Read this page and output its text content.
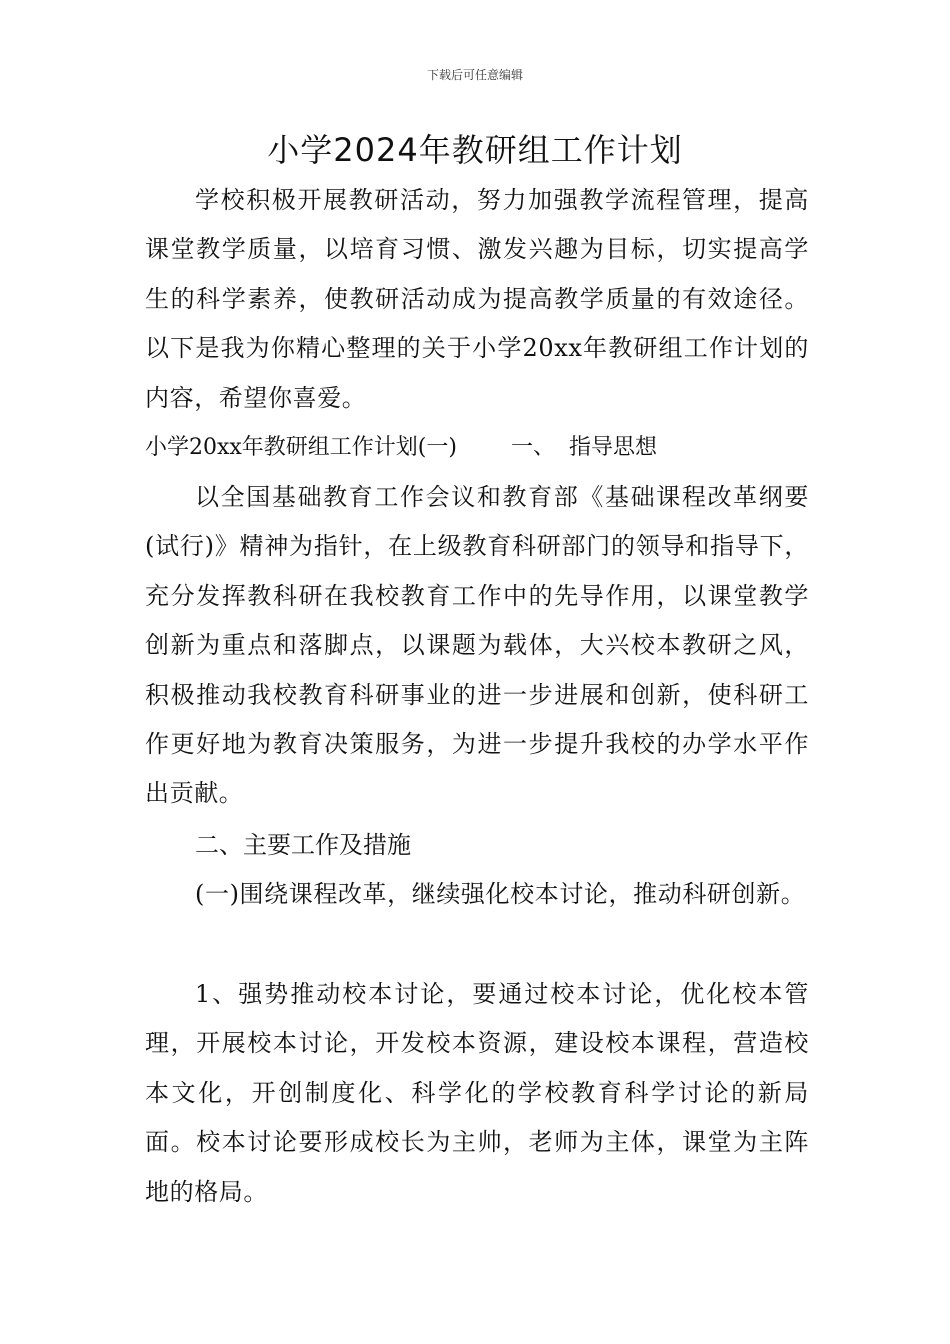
下载后可任意编辑
小学2024年教研组工作计划

学校积极开展教研活动，努力加强教学流程管理，提高课堂教学质量，以培育习惯、激发兴趣为目标，切实提高学生的科学素养，使教研活动成为提高教学质量的有效途径。以下是我为你精心整理的关于小学20xx年教研组工作计划的内容，希望你喜爱。

小学20xx年教研组工作计划(一) 一、  指导思想

以全国基础教育工作会议和教育部《基础课程改革纲要(试行)》精神为指针，在上级教育科研部门的领导和指导下，充分发挥教科研在我校教育工作中的先导作用，以课堂教学创新为重点和落脚点，以课题为载体，大兴校本教研之风，积极推动我校教育科研事业的进一步进展和创新，使科研工作更好地为教育决策服务，为进一步提升我校的办学水平作出贡献。

二、主要工作及措施

(一)围绕课程改革，继续强化校本讨论，推动科研创新。

1、强势推动校本讨论，要通过校本讨论，优化校本管理，开展校本讨论，开发校本资源，建设校本课程，营造校本文化，开创制度化、科学化的学校教育科学讨论的新局面。校本讨论要形成校长为主帅，老师为主体，课堂为主阵地的格局。
